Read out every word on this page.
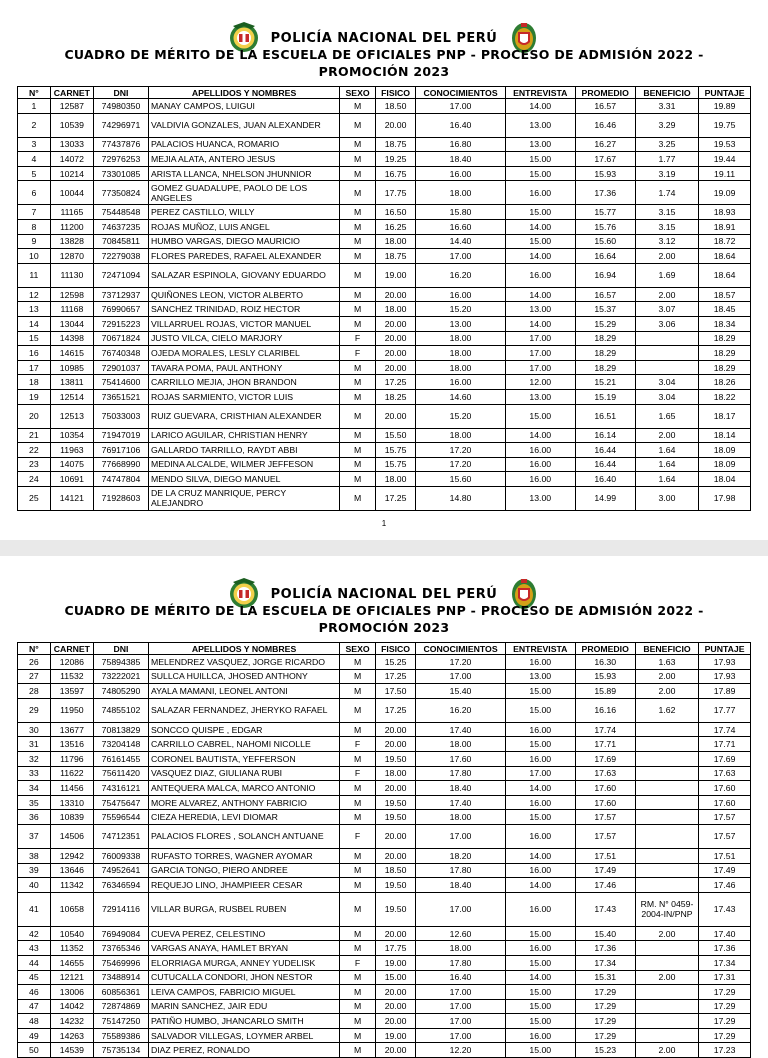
POLICÍA NACIONAL DEL PERÚ
CUADRO DE MÉRITO DE LA ESCUELA DE OFICIALES PNP - PROCESO DE ADMISIÓN 2022 -
PROMOCIÓN 2023
N°	CARNET	DNI	APELLIDOS Y NOMBRES	SEXO	FISICO	CONOCIMIENTOS	ENTREVISTA	PROMEDIO	BENEFICIO	PUNTAJE
1	12587	74980350	MANAY CAMPOS, LUIGUI	M	18.50	17.00	14.00	16.57	3.31	19.89
2	10539	74296971	VALDIVIA GONZALES, JUAN ALEXANDER	M	20.00	16.40	13.00	16.46	3.29	19.75
3	13033	77437876	PALACIOS HUANCA, ROMARIO	M	18.75	16.80	13.00	16.27	3.25	19.53
4	14072	72976253	MEJIA ALATA, ANTERO JESUS	M	19.25	18.40	15.00	17.67	1.77	19.44
5	10214	73301085	ARISTA LLANCA, NHELSON JHUNNIOR	M	16.75	16.00	15.00	15.93	3.19	19.11
6	10044	77350824	GOMEZ GUADALUPE, PAOLO DE LOS ANGELES	M	17.75	18.00	16.00	17.36	1.74	19.09
7	11165	75448548	PEREZ CASTILLO, WILLY	M	16.50	15.80	15.00	15.77	3.15	18.93
8	11200	74637235	ROJAS MUÑOZ, LUIS ANGEL	M	16.25	16.60	14.00	15.76	3.15	18.91
9	13828	70845811	HUMBO VARGAS, DIEGO MAURICIO	M	18.00	14.40	15.00	15.60	3.12	18.72
10	12870	72279038	FLORES PAREDES, RAFAEL ALEXANDER	M	18.75	17.00	14.00	16.64	2.00	18.64
11	11130	72471094	SALAZAR ESPINOLA, GIOVANY EDUARDO	M	19.00	16.20	16.00	16.94	1.69	18.64
12	12598	73712937	QUIÑONES LEON, VICTOR ALBERTO	M	20.00	16.00	14.00	16.57	2.00	18.57
13	11168	76990657	SANCHEZ TRINIDAD, ROIZ HECTOR	M	18.00	15.20	13.00	15.37	3.07	18.45
14	13044	72915223	VILLARRUEL ROJAS, VICTOR MANUEL	M	20.00	13.00	14.00	15.29	3.06	18.34
15	14398	70671824	JUSTO VILCA, CIELO MARJORY	F	20.00	18.00	17.00	18.29		18.29
16	14615	76740348	OJEDA MORALES, LESLY CLARIBEL	F	20.00	18.00	17.00	18.29		18.29
17	10985	72901037	TAVARA POMA, PAUL ANTHONY	M	20.00	18.00	17.00	18.29		18.29
18	13811	75414600	CARRILLO MEJIA, JHON BRANDON	M	17.25	16.00	12.00	15.21	3.04	18.26
19	12514	73651521	ROJAS SARMIENTO, VICTOR LUIS	M	18.25	14.60	13.00	15.19	3.04	18.22
20	12513	75033003	RUIZ GUEVARA, CRISTHIAN ALEXANDER	M	20.00	15.20	15.00	16.51	1.65	18.17
21	10354	71947019	LARICO AGUILAR, CHRISTIAN HENRY	M	15.50	18.00	14.00	16.14	2.00	18.14
22	11963	76917106	GALLARDO TARRILLO, RAYDT ABBI	M	15.75	17.20	16.00	16.44	1.64	18.09
23	14075	77668990	MEDINA ALCALDE, WILMER JEFFESON	M	15.75	17.20	16.00	16.44	1.64	18.09
24	10691	74747804	MENDO SILVA, DIEGO MANUEL	M	18.00	15.60	16.00	16.40	1.64	18.04
25	14121	71928603	DE LA CRUZ MANRIQUE, PERCY ALEJANDRO	M	17.25	14.80	13.00	14.99	3.00	17.98
1
POLICÍA NACIONAL DEL PERÚ
CUADRO DE MÉRITO DE LA ESCUELA DE OFICIALES PNP - PROCESO DE ADMISIÓN 2022 -
PROMOCIÓN 2023
N°	CARNET	DNI	APELLIDOS Y NOMBRES	SEXO	FISICO	CONOCIMIENTOS	ENTREVISTA	PROMEDIO	BENEFICIO	PUNTAJE
26	12086	75894385	MELENDREZ VASQUEZ, JORGE RICARDO	M	15.25	17.20	16.00	16.30	1.63	17.93
27	11532	73222021	SULLCA HUILLCA, JHOSED ANTHONY	M	17.25	17.00	13.00	15.93	2.00	17.93
28	13597	74805290	AYALA MAMANI, LEONEL ANTONI	M	17.50	15.40	15.00	15.89	2.00	17.89
29	11950	74855102	SALAZAR FERNANDEZ, JHERYKO RAFAEL	M	17.25	16.20	15.00	16.16	1.62	17.77
30	13677	70813829	SONCCO QUISPE , EDGAR	M	20.00	17.40	16.00	17.74		17.74
31	13516	73204148	CARRILLO CABREL, NAHOMI NICOLLE	F	20.00	18.00	15.00	17.71		17.71
32	11796	76161455	CORONEL BAUTISTA, YEFFERSON	M	19.50	17.60	16.00	17.69		17.69
33	11622	75611420	VASQUEZ DIAZ, GIULIANA RUBI	F	18.00	17.80	17.00	17.63		17.63
34	11456	74316121	ANTEQUERA MALCA, MARCO ANTONIO	M	20.00	18.40	14.00	17.60		17.60
35	13310	75475647	MORE ALVAREZ, ANTHONY FABRICIO	M	19.50	17.40	16.00	17.60		17.60
36	10839	75596544	CIEZA HEREDIA, LEVI DIOMAR	M	19.50	18.00	15.00	17.57		17.57
37	14506	74712351	PALACIOS FLORES , SOLANCH ANTUANE	F	20.00	17.00	16.00	17.57		17.57
38	12942	76009338	RUFASTO TORRES, WAGNER AYOMAR	M	20.00	18.20	14.00	17.51		17.51
39	13646	74952641	GARCIA TONGO, PIERO ANDREE	M	18.50	17.80	16.00	17.49		17.49
40	11342	76346594	REQUEJO LINO, JHAMPIEER CESAR	M	19.50	18.40	14.00	17.46		17.46
41	10658	72914116	VILLAR BURGA, RUSBEL RUBEN	M	19.50	17.00	16.00	17.43	RM. N° 0459-2004-IN/PNP	17.43
42	10540	76949084	CUEVA PEREZ, CELESTINO	M	20.00	12.60	15.00	15.40	2.00	17.40
43	11352	73765346	VARGAS ANAYA, HAMLET BRYAN	M	17.75	18.00	16.00	17.36		17.36
44	14655	75469996	ELORRIAGA MURGA, ANNEY YUDELISK	F	19.00	17.80	15.00	17.34		17.34
45	12121	73488914	CUTUCALLA CONDORI, JHON NESTOR	M	15.00	16.40	14.00	15.31	2.00	17.31
46	13006	60856361	LEIVA CAMPOS, FABRICIO MIGUEL	M	20.00	17.00	15.00	17.29		17.29
47	14042	72874869	MARIN SANCHEZ, JAIR EDU	M	20.00	17.00	15.00	17.29		17.29
48	14232	75147250	PATIÑO HUMBO, JHANCARLO SMITH	M	20.00	17.00	15.00	17.29		17.29
49	14263	75589386	SALVADOR VILLEGAS, LOYMER ARBEL	M	19.00	17.00	16.00	17.29		17.29
50	14539	75735134	DIAZ PEREZ, RONALDO	M	20.00	12.20	15.00	15.23	2.00	17.23
